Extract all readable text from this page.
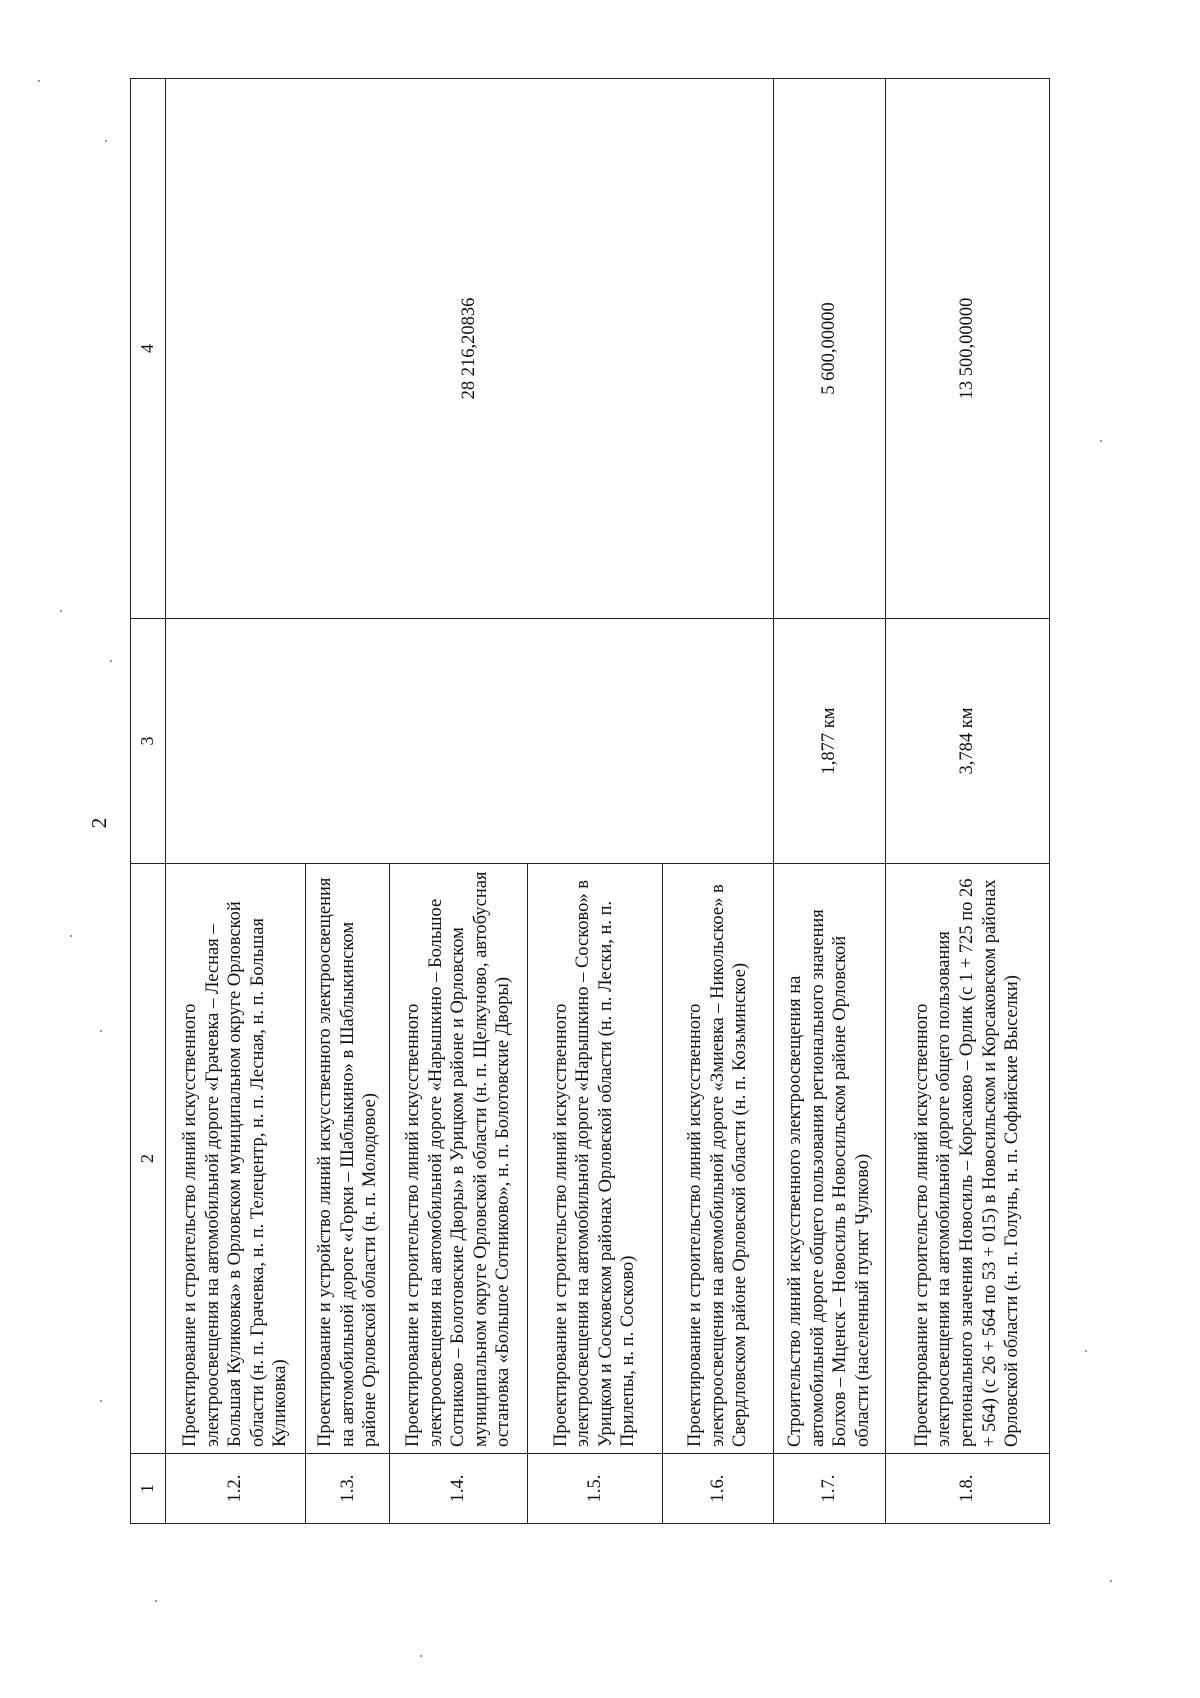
2
1	2	3	4
1.2.	Проектирование и строительство линий искусственного электроосвещения на автомобильной дороге «Грачевка – Лесная – Большая Куликовка» в Орловском муниципальном округе Орловской области (н. п. Грачевка, н. п. Телецентр, н. п. Лесная, н. п. Большая Куликовка)		28 216,20836
1.3.	Проектирование и устройство линий искусственного электроосвещения на автомобильной дороге «Горки – Шаблыкино» в Шаблыкинском районе Орловской области (н. п. Молодовое)		
1.4.	Проектирование и строительство линий искусственного электроосвещения на автомобильной дороге «Нарышкино – Большое Сотниково – Болотовские Дворы» в Урицком районе и Орловском муниципальном округе Орловской области (н. п. Щелкуново, автобусная остановка «Большое Сотниково», н. п. Болотовские Дворы)		
1.5.	Проектирование и строительство линий искусственного электроосвещения на автомобильной дороге «Нарышкино – Сосково» в Урицком и Сосковском районах Орловской области (н. п. Лески, н. п. Прилепы, н. п. Сосково)		
1.6.	Проектирование и строительство линий искусственного электроосвещения на автомобильной дороге «Змиевка – Никольское» в Свердловском районе Орловской области (н. п. Козьминское)		
1.7.	Строительство линий искусственного электроосвещения на автомобильной дороге общего пользования регионального значения Болхов – Мценск – Новосиль в Новосильском районе Орловской области (населенный пункт Чулково)	1,877 км	5 600,00000
1.8.	Проектирование и строительство линий искусственного электроосвещения на автомобильной дороге общего пользования регионального значения Новосиль – Корсаково – Орлик (с 1 + 725 по 26 + 564) (с 26 + 564 по 53 + 015) в Новосильском и Корсаковском районах Орловской области (н. п. Голунь, н. п. Софийские Выселки)	3,784 км	13 500,00000
